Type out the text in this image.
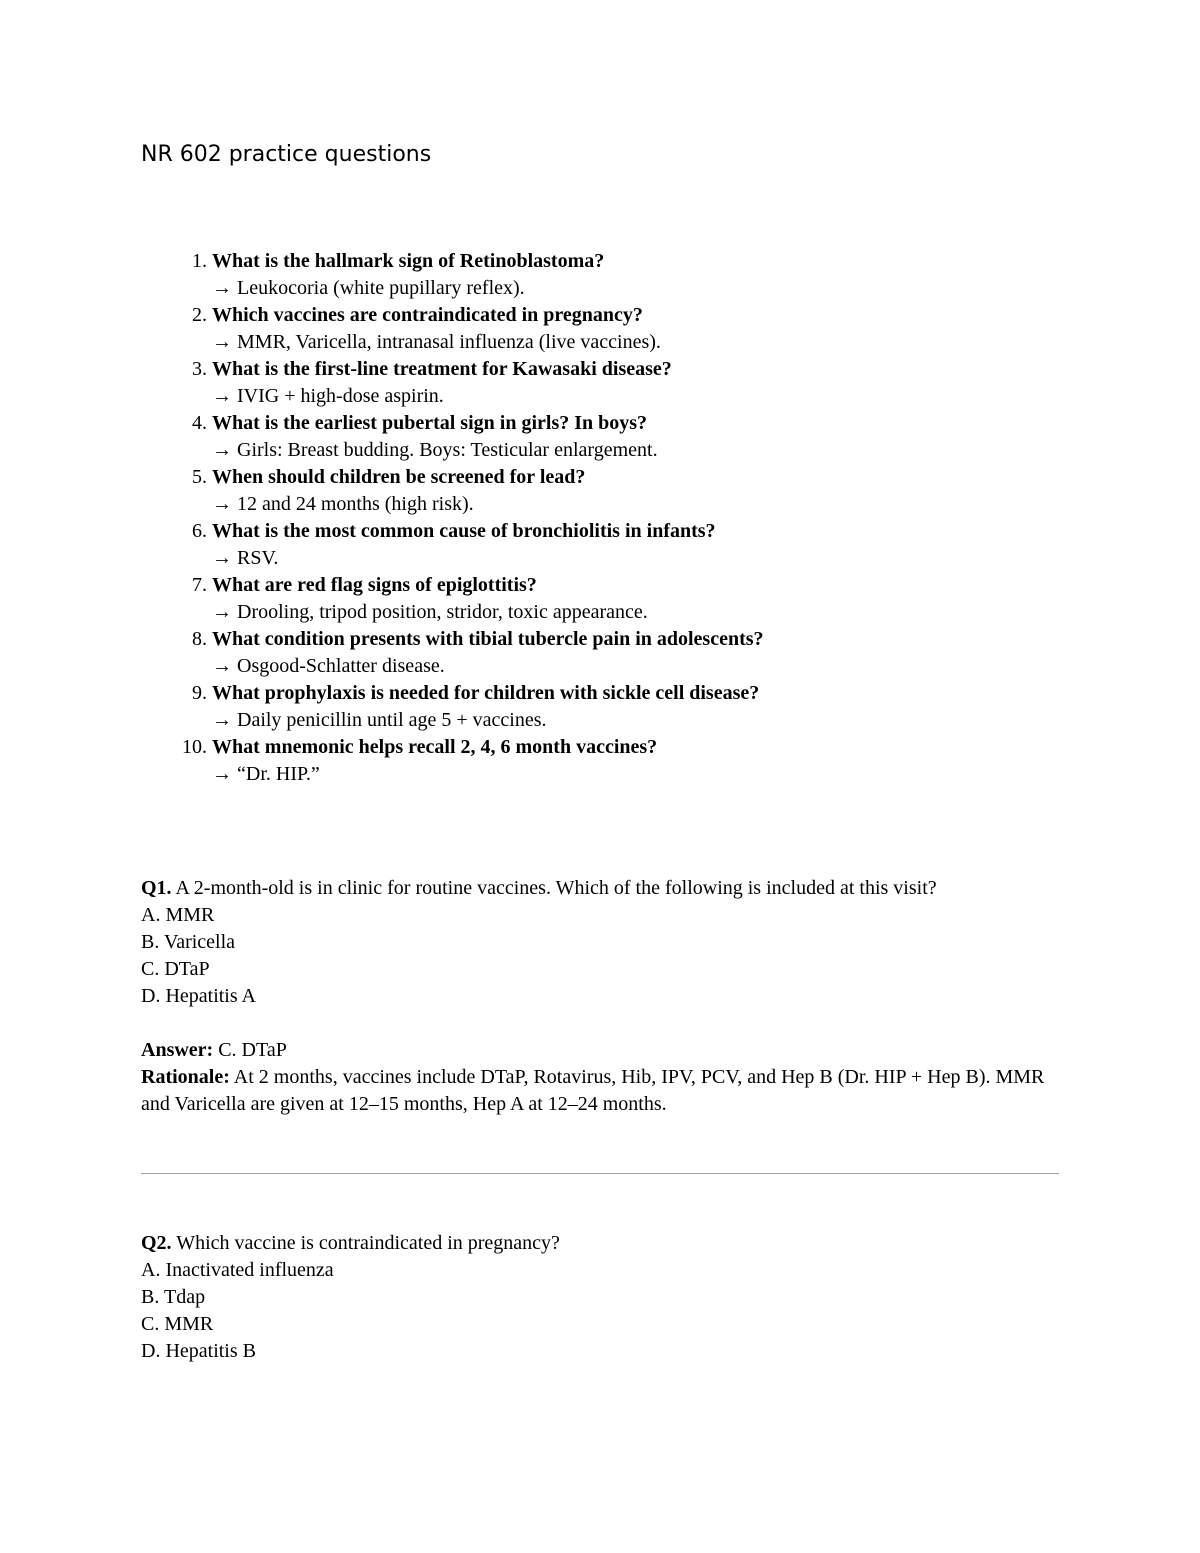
NR 602 practice questions
1. What is the hallmark sign of Retinoblastoma?
→ Leukocoria (white pupillary reflex).
2. Which vaccines are contraindicated in pregnancy?
→ MMR, Varicella, intranasal influenza (live vaccines).
3. What is the first-line treatment for Kawasaki disease?
→ IVIG + high-dose aspirin.
4. What is the earliest pubertal sign in girls? In boys?
→ Girls: Breast budding. Boys: Testicular enlargement.
5. When should children be screened for lead?
→ 12 and 24 months (high risk).
6. What is the most common cause of bronchiolitis in infants?
→ RSV.
7. What are red flag signs of epiglottitis?
→ Drooling, tripod position, stridor, toxic appearance.
8. What condition presents with tibial tubercle pain in adolescents?
→ Osgood-Schlatter disease.
9. What prophylaxis is needed for children with sickle cell disease?
→ Daily penicillin until age 5 + vaccines.
10. What mnemonic helps recall 2, 4, 6 month vaccines?
→ “Dr. HIP.”

Q1. A 2-month-old is in clinic for routine vaccines. Which of the following is included at this visit?

A. MMR
B. Varicella
C. DTaP
D. Hepatitis A

Answer: C. DTaP

Rationale: At 2 months, vaccines include DTaP, Rotavirus, Hib, IPV, PCV, and Hep B (Dr. HIP + Hep B). MMR and Varicella are given at 12–15 months, Hep A at 12–24 months.

Q2. Which vaccine is contraindicated in pregnancy?

A. Inactivated influenza
B. Tdap
C. MMR
D. Hepatitis B
